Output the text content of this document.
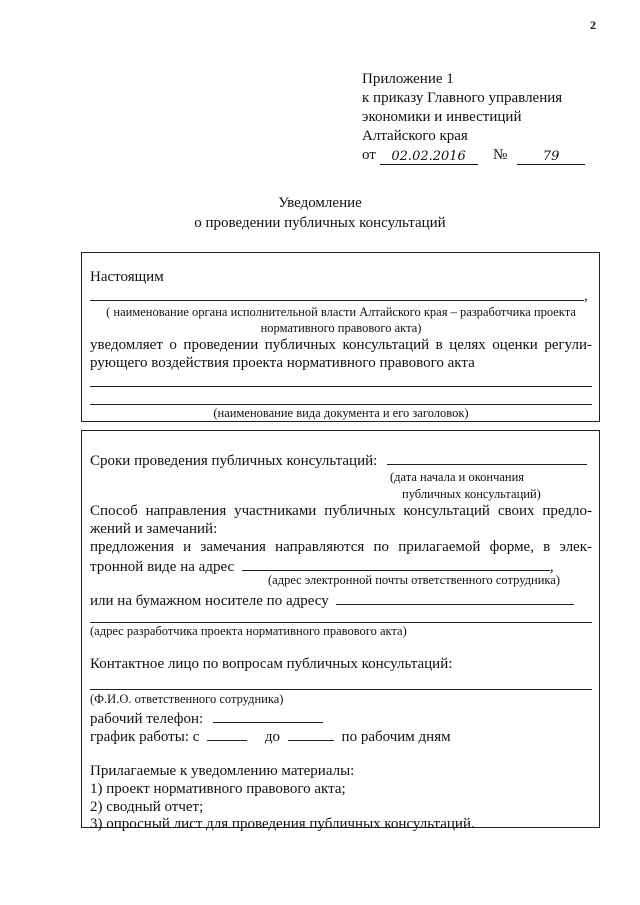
2
Приложение 1
к приказу Главного управления
экономики и инвестиций
Алтайского края
от 02.02.2016 №	79
Уведомление
о проведении публичных консультаций
Настоящим
,
( наименование органа исполнительной власти Алтайского края – разработчика проекта
нормативного правового акта)
уведомляет о проведении публичных консультаций в целях оценки регули-
рующего воздействия проекта нормативного правового акта
(наименование вида документа и его заголовок)
Сроки проведения публичных консультаций:
(дата начала и окончания
публичных консультаций)
Способ направления участниками публичных консультаций своих предло-
жений и замечаний:
предложения и замечания направляются по прилагаемой форме, в элек-
тронной виде на адрес	,
(адрес электронной почты ответственного сотрудника)
или на бумажном носителе по адресу
(адрес разработчика проекта нормативного правового акта)
Контактное лицо по вопросам публичных консультаций:
(Ф.И.О. ответственного сотрудника)
рабочий телефон:
график работы: с	до	по рабочим дням
Прилагаемые к уведомлению материалы:
1) проект нормативного правового акта;
2) сводный отчет;
3) опросный лист для проведения публичных консультаций.
